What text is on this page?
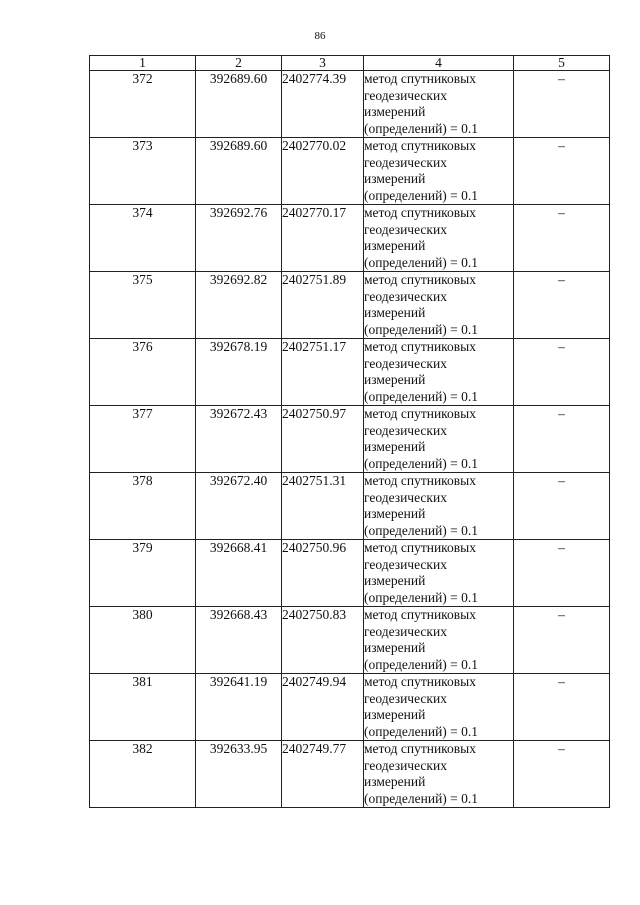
86
1	2	3	4	5
372	392689.60	2402774.39	метод спутниковых
геодезических
измерений
(определений) = 0.1	–
373	392689.60	2402770.02	метод спутниковых
геодезических
измерений
(определений) = 0.1	–
374	392692.76	2402770.17	метод спутниковых
геодезических
измерений
(определений) = 0.1	–
375	392692.82	2402751.89	метод спутниковых
геодезических
измерений
(определений) = 0.1	–
376	392678.19	2402751.17	метод спутниковых
геодезических
измерений
(определений) = 0.1	–
377	392672.43	2402750.97	метод спутниковых
геодезических
измерений
(определений) = 0.1	–
378	392672.40	2402751.31	метод спутниковых
геодезических
измерений
(определений) = 0.1	–
379	392668.41	2402750.96	метод спутниковых
геодезических
измерений
(определений) = 0.1	–
380	392668.43	2402750.83	метод спутниковых
геодезических
измерений
(определений) = 0.1	–
381	392641.19	2402749.94	метод спутниковых
геодезических
измерений
(определений) = 0.1	–
382	392633.95	2402749.77	метод спутниковых
геодезических
измерений
(определений) = 0.1	–
